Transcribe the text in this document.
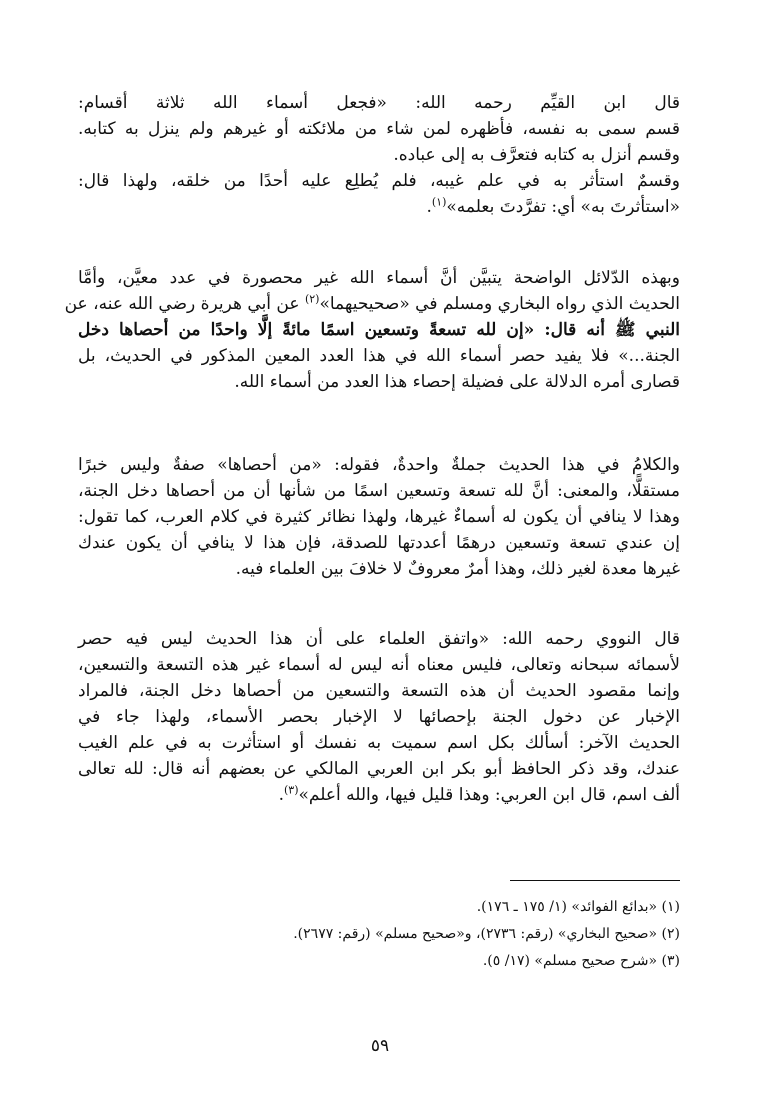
قال ابن القيِّم رحمه الله: «فجعل أسماء الله ثلاثة أقسام:
قسم سمى به نفسه، فأظهره لمن شاء من ملائكته أو غيرهم ولم ينزل به كتابه.
وقسم أنزل به كتابه فتعرَّف به إلى عباده.
وقسمٌ استأثر به في علم غيبه، فلم يُطلِع عليه أحدًا من خلقه، ولهذا قال:
«استأثرتَ به» أي: تفرَّدتَ بعلمه»$^{(١)}$.
وبهذه الدّلائل الواضحة يتبيَّن أنَّ أسماء الله غير محصورة في عدد معيَّن، وأمَّا
الحديث الذي رواه البخاري ومسلم في «صحيحيهما»$^{(٢)}$ عن أبي هريرة رضي الله عنه، عن
النبي ﷺ أنه قال: «إن لله تسعةً وتسعين اسمًا مائةً إلَّا واحدًا من أحصاها دخل
الجنة...» فلا يفيد حصر أسماء الله في هذا العدد المعين المذكور في الحديث، بل
قصارى أمره الدلالة على فضيلة إحصاء هذا العدد من أسماء الله.
والكلامُ في هذا الحديث جملةٌ واحدةٌ، فقوله: «من أحصاها» صفةٌ وليس خبرًا
مستقلًّا، والمعنى: أنَّ لله تسعة وتسعين اسمًا من شأنها أن من أحصاها دخل الجنة،
وهذا لا ينافي أن يكون له أسماءٌ غيرها، ولهذا نظائر كثيرة في كلام العرب، كما تقول:
إن عندي تسعة وتسعين درهمًا أعددتها للصدقة، فإن هذا لا ينافي أن يكون عندك
غيرها معدة لغير ذلك، وهذا أمرٌ معروفٌ لا خلافَ بين العلماء فيه.
قال النووي رحمه الله: «واتفق العلماء على أن هذا الحديث ليس فيه حصر
لأسمائه سبحانه وتعالى، فليس معناه أنه ليس له أسماء غير هذه التسعة والتسعين،
وإنما مقصود الحديث أن هذه التسعة والتسعين من أحصاها دخل الجنة، فالمراد
الإخبار عن دخول الجنة بإحصائها لا الإخبار بحصر الأسماء، ولهذا جاء في
الحديث الآخر: أسألك بكل اسم سميت به نفسك أو استأثرت به في علم الغيب
عندك، وقد ذكر الحافظ أبو بكر ابن العربي المالكي عن بعضهم أنه قال: لله تعالى
ألف اسم، قال ابن العربي: وهذا قليل فيها، والله أعلم»$^{(٣)}$.
(١) «بدائع الفوائد» (١/ ١٧٥ ـ ١٧٦).
(٢) «صحيح البخاري» (رقم: ٢٧٣٦)، و«صحيح مسلم» (رقم: ٢٦٧٧).
(٣) «شرح صحيح مسلم» (١٧/ ٥).
٥٩
